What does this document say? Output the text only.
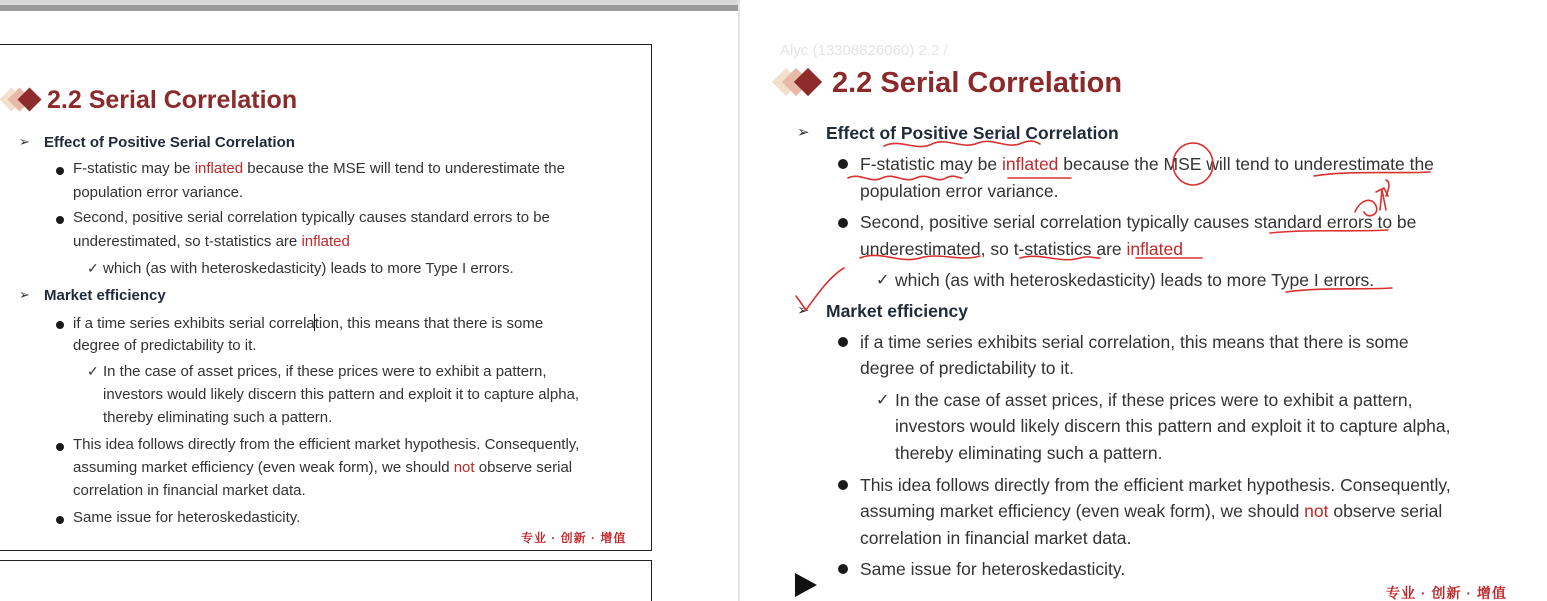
2.2 Serial Correlation
➢ Effect of Positive Serial Correlation
F-statistic may be inflated because the MSE will tend to underestimate the
population error variance.
Second, positive serial correlation typically causes standard errors to be
underestimated, so t-statistics are inflated
✓ which (as with heteroskedasticity) leads to more Type I errors.
➢ Market efficiency
if a time series exhibits serial correlation, this means that there is some
degree of predictability to it.
✓ In the case of asset prices, if these prices were to exhibit a pattern,
investors would likely discern this pattern and exploit it to capture alpha,
thereby eliminating such a pattern.
This idea follows directly from the efficient market hypothesis. Consequently,
assuming market efficiency (even weak form), we should not observe serial
correlation in financial market data.
Same issue for heteroskedasticity.
专业 · 创新 · 增值
Alyc (13308826060) 2.2 /
2.2 Serial Correlation
➢ Effect of Positive Serial Correlation
F-statistic may be inflated because the MSE will tend to underestimate the
population error variance.
Second, positive serial correlation typically causes standard errors to be
underestimated, so t-statistics are inflated
✓ which (as with heteroskedasticity) leads to more Type I errors.
➢ Market efficiency
if a time series exhibits serial correlation, this means that there is some
degree of predictability to it.
✓ In the case of asset prices, if these prices were to exhibit a pattern,
investors would likely discern this pattern and exploit it to capture alpha,
thereby eliminating such a pattern.
This idea follows directly from the efficient market hypothesis. Consequently,
assuming market efficiency (even weak form), we should not observe serial
correlation in financial market data.
Same issue for heteroskedasticity.
专业 · 创新 · 增值
